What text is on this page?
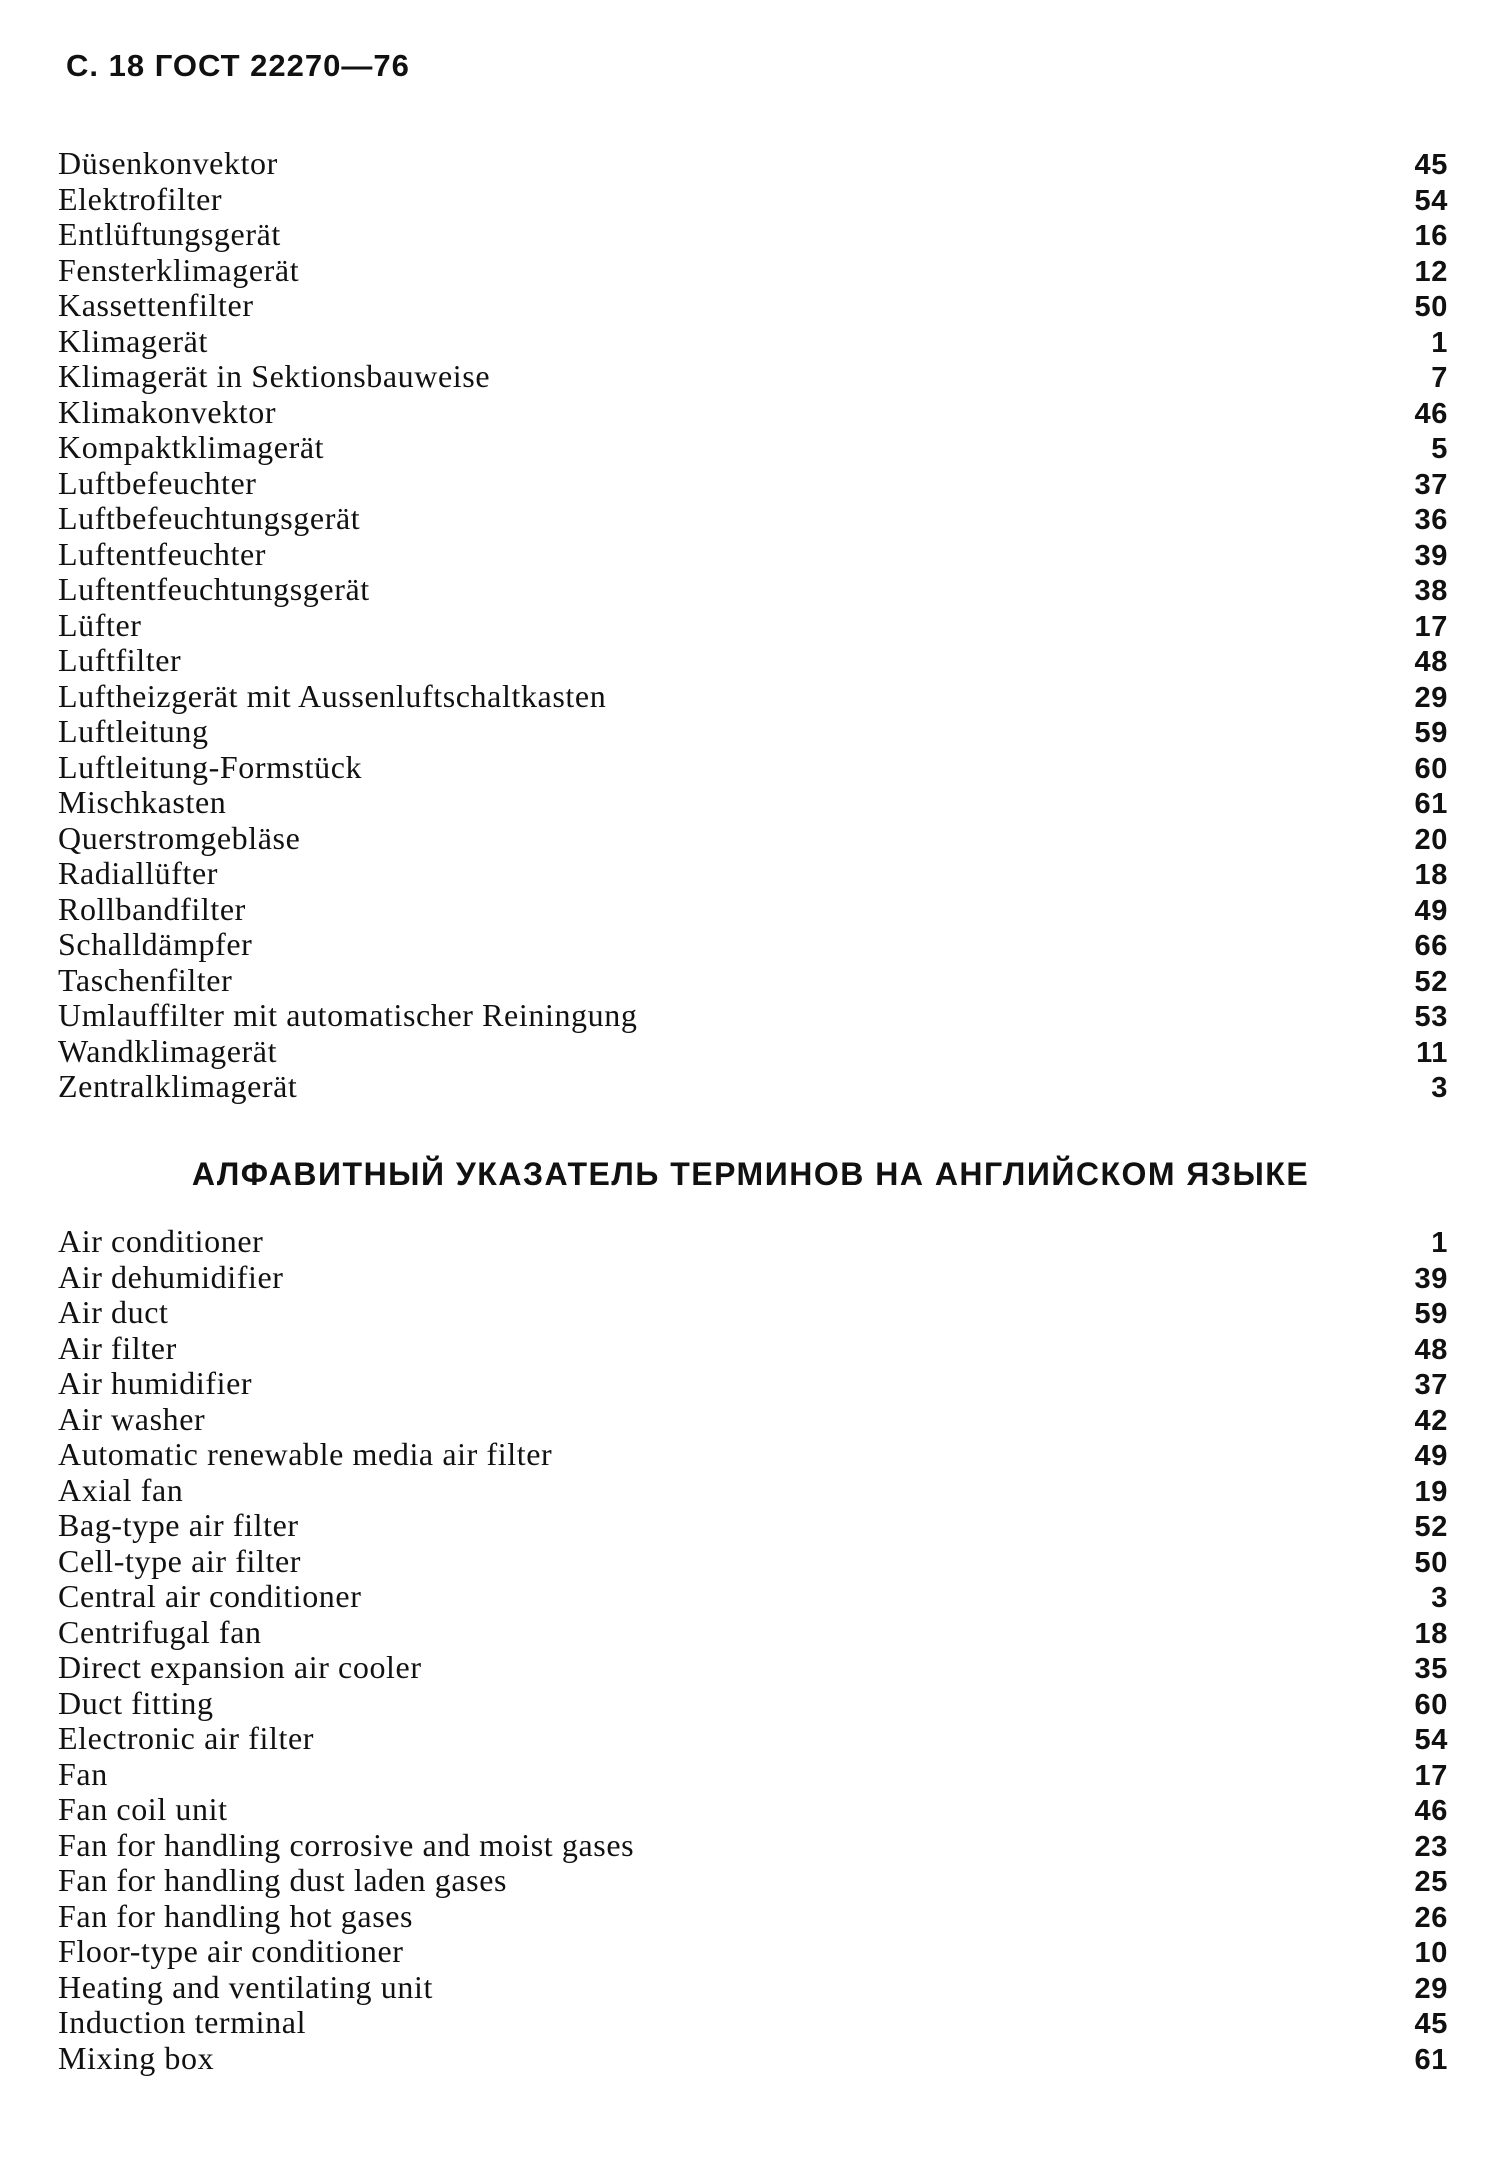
С. 18 ГОСТ 22270—76
Düsenkonvektor	45
Elektrofilter	54
Entlüftungsgerät	16
Fensterklimagerät	12
Kassettenfilter	50
Klimagerät	1
Klimagerät in Sektionsbauweise	7
Klimakonvektor	46
Kompaktklimagerät	5
Luftbefeuchter	37
Luftbefeuchtungsgerät	36
Luftentfeuchter	39
Luftentfeuchtungsgerät	38
Lüfter	17
Luftfilter	48
Luftheizgerät mit Aussenluftschaltkasten	29
Luftleitung	59
Luftleitung-Formstück	60
Mischkasten	61
Querstromgebläse	20
Radiallüfter	18
Rollbandfilter	49
Schalldämpfer	66
Taschenfilter	52
Umlauffilter mit automatischer Reiningung	53
Wandklimagerät	11
Zentralklimagerät	3
АЛФАВИТНЫЙ УКАЗАТЕЛЬ ТЕРМИНОВ НА АНГЛИЙСКОМ ЯЗЫКЕ
Air conditioner	1
Air dehumidifier	39
Air duct	59
Air filter	48
Air humidifier	37
Air washer	42
Automatic renewable media air filter	49
Axial fan	19
Bag-type air filter	52
Cell-type air filter	50
Central air conditioner	3
Centrifugal fan	18
Direct expansion air cooler	35
Duct fitting	60
Electronic air filter	54
Fan	17
Fan coil unit	46
Fan for handling corrosive and moist gases	23
Fan for handling dust laden gases	25
Fan for handling hot gases	26
Floor-type air conditioner	10
Heating and ventilating unit	29
Induction terminal	45
Mixing box	61
